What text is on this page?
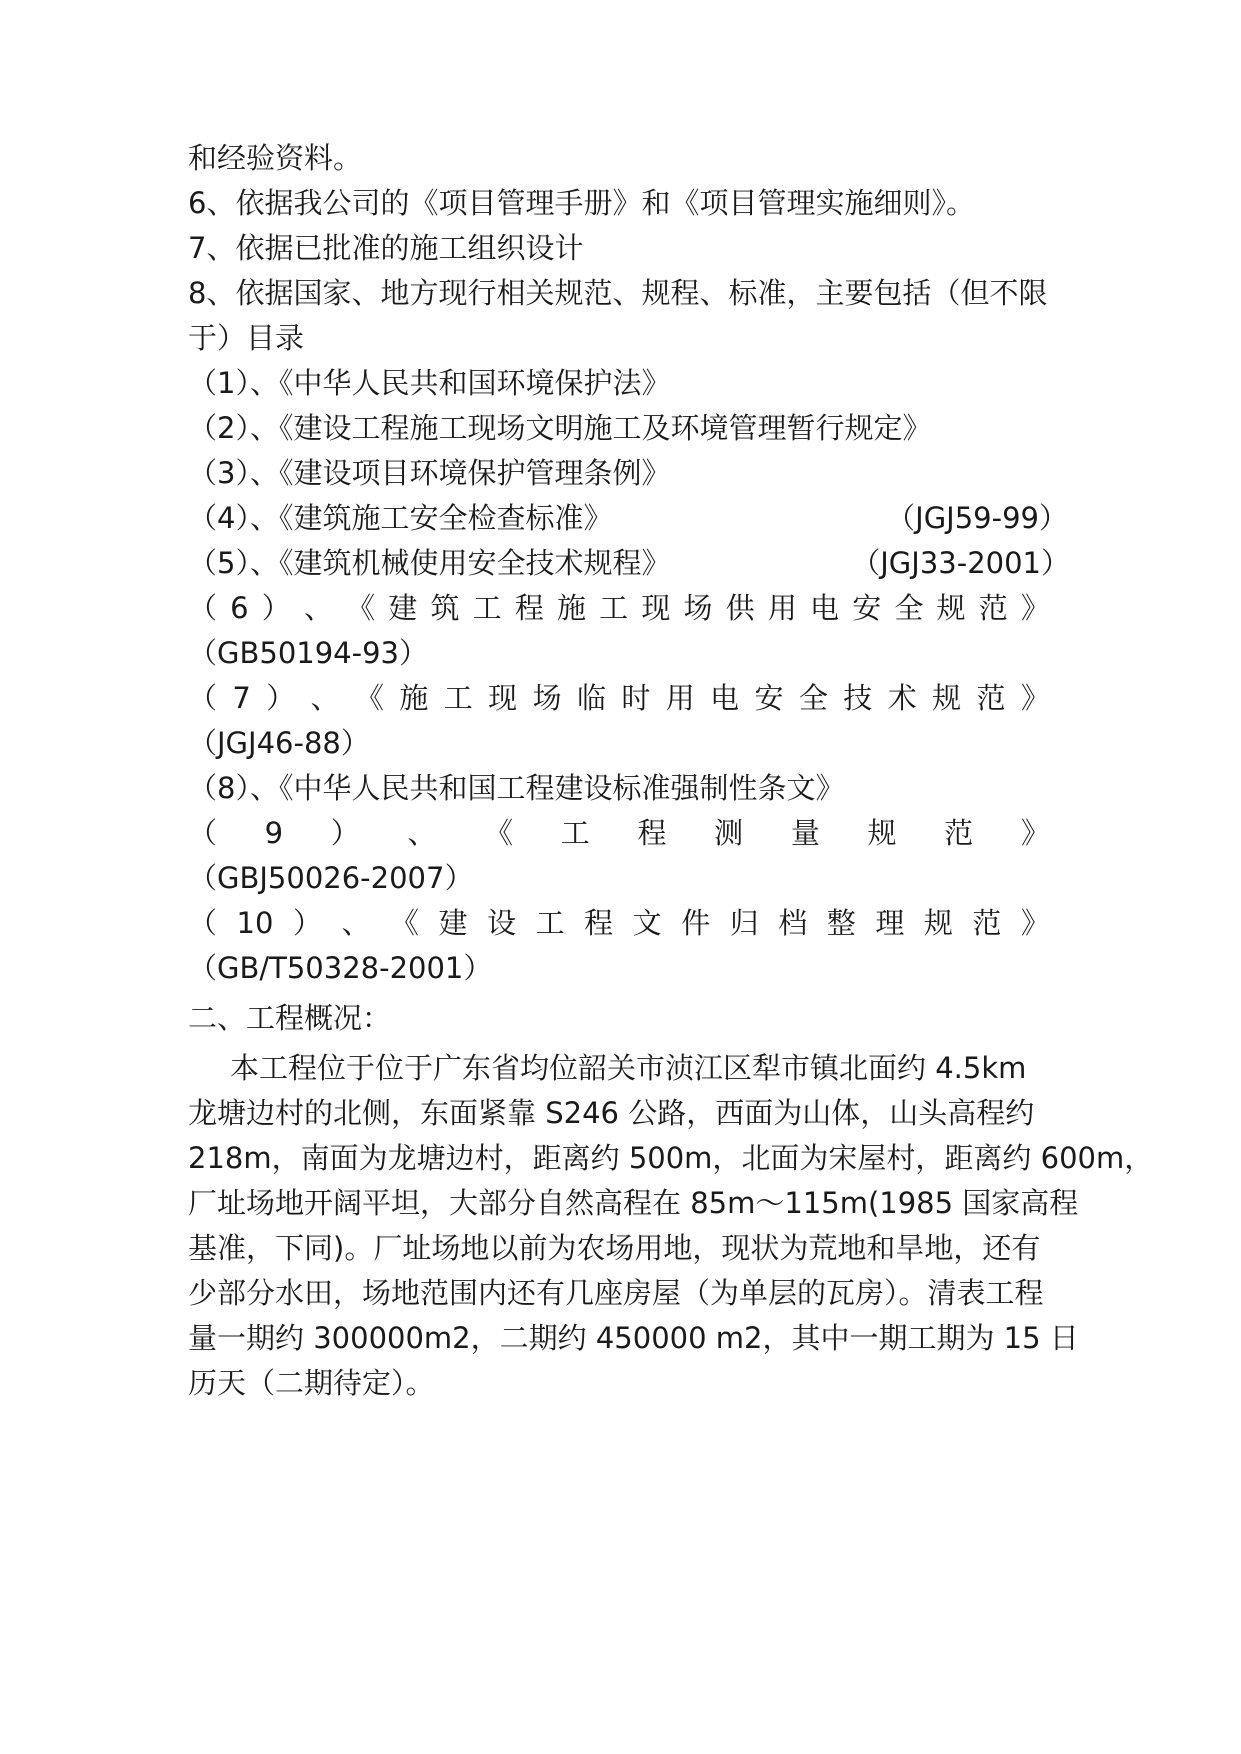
和经验资料。
6、依据我公司的《项目管理手册》和《项目管理实施细则》。
7、依据已批准的施工组织设计
8、依据国家、地方现行相关规范、规程、标准，主要包括（但不限
于）目录
（1）、《中华人民共和国环境保护法》
（2）、《建设工程施工现场文明施工及环境管理暂行规定》
（3）、《建设项目环境保护管理条例》
（4）、《建筑施工安全检查标准》	（JGJ59-99）
（5）、《建筑机械使用安全技术规程》	（JGJ33-2001）
（ 6 ） 、 《 建 筑 工 程 施 工 现 场 供 用 电 安 全 规 范 》
（GB50194-93）
（ 7 ） 、 《 施 工 现 场 临 时 用 电 安 全 技 术 规 范 》
（JGJ46-88）
（8）、《中华人民共和国工程建设标准强制性条文》
（ 9 ） 、 《 工 程 测 量 规 范 》
（GBJ50026-2007）
（ 10 ） 、 《 建 设 工 程 文 件 归 档 整 理 规 范 》
（GB/T50328-2001）
二、工程概况：
本工程位于位于广东省均位韶关市浈江区犁市镇北面约 4.5km
龙塘边村的北侧，东面紧靠 S246 公路，西面为山体，山头高程约
218m，南面为龙塘边村，距离约 500m，北面为宋屋村，距离约 600m，
厂址场地开阔平坦，大部分自然高程在 85m～115m(1985 国家高程
基准，下同)。厂址场地以前为农场用地，现状为荒地和旱地，还有
少部分水田，场地范围内还有几座房屋（为单层的瓦房）。清表工程
量一期约 300000m2，二期约 450000 m2，其中一期工期为 15 日
历天（二期待定）。
